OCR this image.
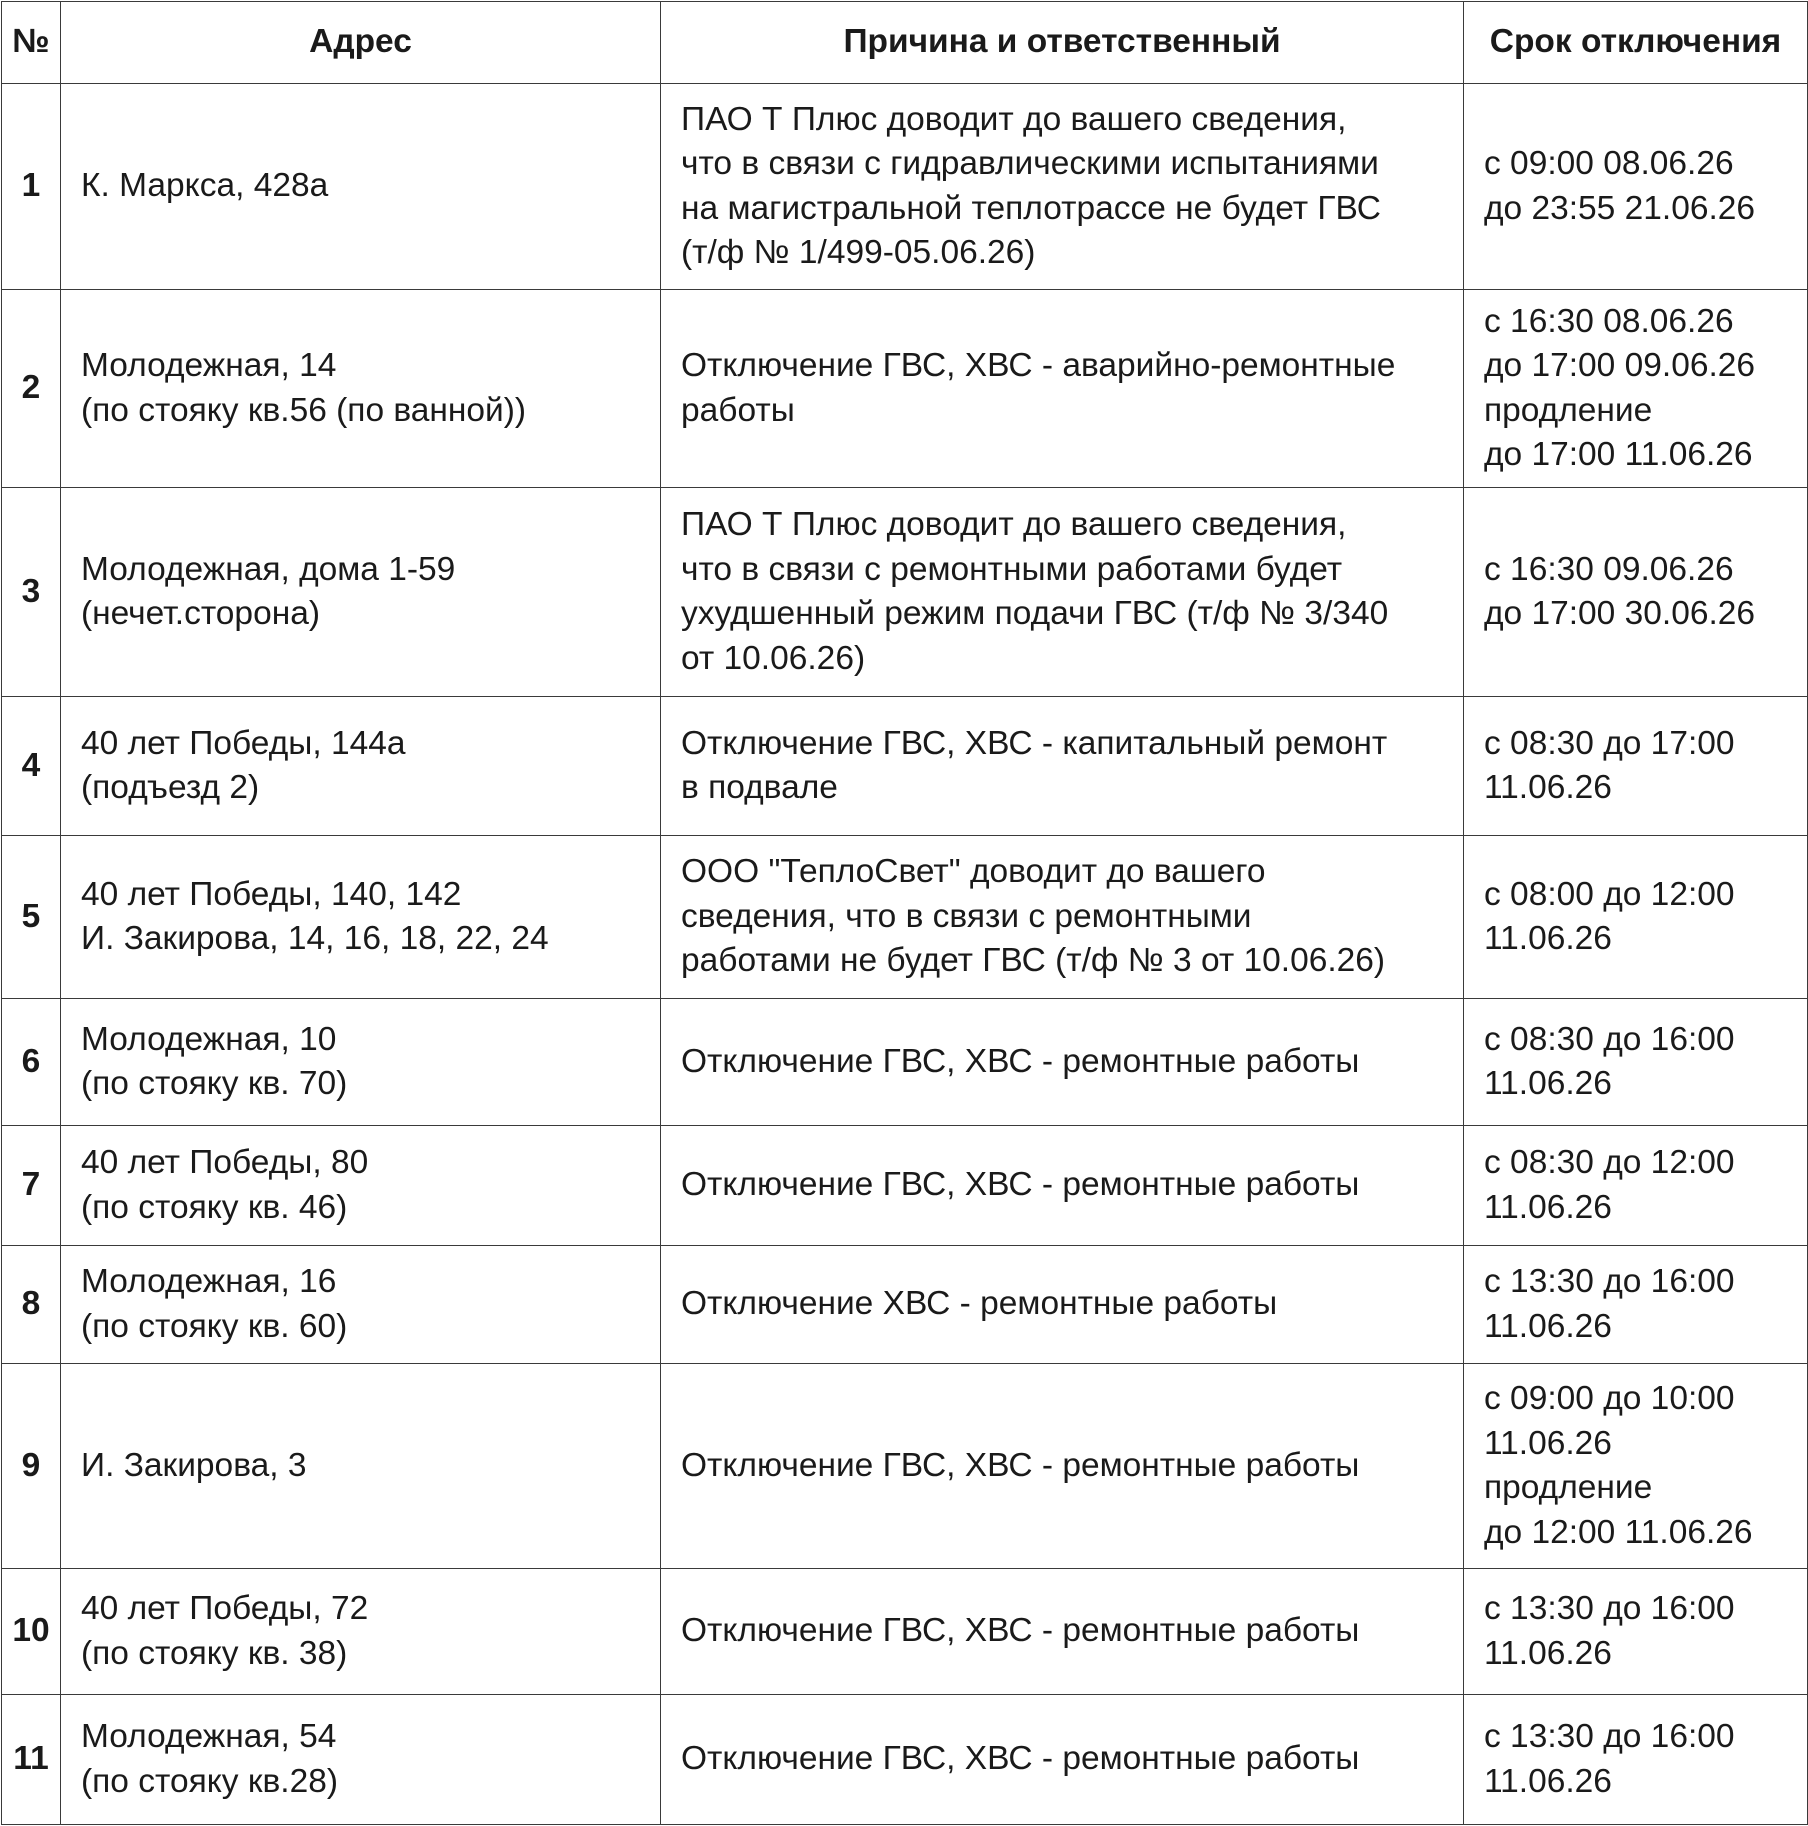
№	Адрес	Причина и ответственный	Срок отключения
1	К. Маркса, 428а	ПАО Т Плюс доводит до вашего сведения,
что в связи с гидравлическими испытаниями
на магистральной теплотрассе не будет ГВС
(т/ф № 1/499-05.06.26)	с 09:00 08.06.26
до 23:55 21.06.26

2	Молодежная, 14
(по стояку кв.56 (по ванной))	Отключение ГВС, ХВС - аварийно-ремонтные
работы	с 16:30 08.06.26
до 17:00 09.06.26
продление
до 17:00 11.06.26

3	Молодежная, дома 1-59
(нечет.сторона)	ПАО Т Плюс доводит до вашего сведения,
что в связи с ремонтными работами будет
ухудшенный режим подачи ГВС (т/ф № 3/340
от 10.06.26)	с 16:30 09.06.26
до 17:00 30.06.26

4	40 лет Победы, 144а
(подъезд 2)	Отключение ГВС, ХВС - капитальный ремонт
в подвале	с 08:30 до 17:00
11.06.26

5	40 лет Победы, 140, 142
И. Закирова, 14, 16, 18, 22, 24	ООО "ТеплоСвет" доводит до вашего
сведения, что в связи с ремонтными
работами не будет ГВС (т/ф № 3 от 10.06.26)	с 08:00 до 12:00
11.06.26

6	Молодежная, 10
(по стояку кв. 70)	Отключение ГВС, ХВС - ремонтные работы	с 08:30 до 16:00
11.06.26

7	40 лет Победы, 80
(по стояку кв. 46)	Отключение ГВС, ХВС - ремонтные работы	с 08:30 до 12:00
11.06.26

8	Молодежная, 16
(по стояку кв. 60)	Отключение ХВС - ремонтные работы	с 13:30 до 16:00
11.06.26

9	И. Закирова, 3	Отключение ГВС, ХВС - ремонтные работы	с 09:00 до 10:00
11.06.26
продление
до 12:00 11.06.26

10	40 лет Победы, 72
(по стояку кв. 38)	Отключение ГВС, ХВС - ремонтные работы	с 13:30 до 16:00
11.06.26

11	Молодежная, 54
(по стояку кв.28)	Отключение ГВС, ХВС - ремонтные работы	с 13:30 до 16:00
11.06.26
